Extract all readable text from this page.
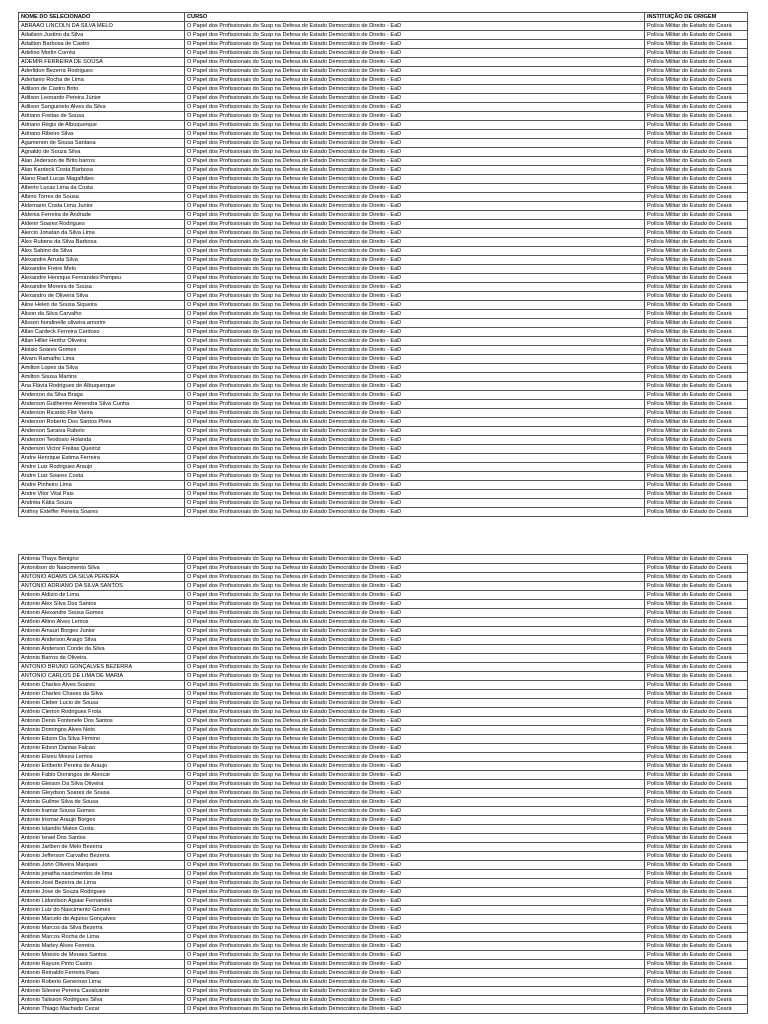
NOME DO SELECIONADO	CURSO	INSTITUIÇÃO DE ORIGEM
ABRAAO LINCOLN DA SILVA MELO	O Papel dos Profissionais do Susp na Defesa do Estado Democrático de Direito - EaD	Polícia Militar do Estado do Ceará
Adailson Justino da Silva	O Papel dos Profissionais do Susp na Defesa do Estado Democrático de Direito - EaD	Polícia Militar do Estado do Ceará
Adailton Barbosa de Castro	O Papel dos Profissionais do Susp na Defesa do Estado Democrático de Direito - EaD	Polícia Militar do Estado do Ceará
Adelino Morlin Corrêa	O Papel dos Profissionais do Susp na Defesa do Estado Democrático de Direito - EaD	Polícia Militar do Estado do Ceará
ADEMIR FERREIRA DE SOUSA	O Papel dos Profissionais do Susp na Defesa do Estado Democrático de Direito - EaD	Polícia Militar do Estado do Ceará
Aderildon Bezerra Rodrigues	O Papel dos Profissionais do Susp na Defesa do Estado Democrático de Direito - EaD	Polícia Militar do Estado do Ceará
Aderlanio Rocha de Lima	O Papel dos Profissionais do Susp na Defesa do Estado Democrático de Direito - EaD	Polícia Militar do Estado do Ceará
Adilson de Castro Brito	O Papel dos Profissionais do Susp na Defesa do Estado Democrático de Direito - EaD	Polícia Militar do Estado do Ceará
Adilson Leonardo Pereira Júnior	O Papel dos Profissionais do Susp na Defesa do Estado Democrático de Direito - EaD	Polícia Militar do Estado do Ceará
Adilson Sanguineto Alves da Silva	O Papel dos Profissionais do Susp na Defesa do Estado Democrático de Direito - EaD	Polícia Militar do Estado do Ceará
Adriano Freitas de Sousa	O Papel dos Profissionais do Susp na Defesa do Estado Democrático de Direito - EaD	Polícia Militar do Estado do Ceará
Adriano Régis de Albuquerque	O Papel dos Profissionais do Susp na Defesa do Estado Democrático de Direito - EaD	Polícia Militar do Estado do Ceará
Adriano Ribeiro Silva	O Papel dos Profissionais do Susp na Defesa do Estado Democrático de Direito - EaD	Polícia Militar do Estado do Ceará
Agamenon de Sousa Santana	O Papel dos Profissionais do Susp na Defesa do Estado Democrático de Direito - EaD	Polícia Militar do Estado do Ceará
Agnaldo de Souza Silva	O Papel dos Profissionais do Susp na Defesa do Estado Democrático de Direito - EaD	Polícia Militar do Estado do Ceará
Alan Jederson de Brito barros	O Papel dos Profissionais do Susp na Defesa do Estado Democrático de Direito - EaD	Polícia Militar do Estado do Ceará
Alan Kardeck Costa Barbosa	O Papel dos Profissionais do Susp na Defesa do Estado Democrático de Direito - EaD	Polícia Militar do Estado do Ceará
Alano Rael Lucas Magalhães	O Papel dos Profissionais do Susp na Defesa do Estado Democrático de Direito - EaD	Polícia Militar do Estado do Ceará
Alberto Lucas Lima da Costa	O Papel dos Profissionais do Susp na Defesa do Estado Democrático de Direito - EaD	Polícia Militar do Estado do Ceará
Albino Torres de Sousa	O Papel dos Profissionais do Susp na Defesa do Estado Democrático de Direito - EaD	Polícia Militar do Estado do Ceará
Aldemario Costa Lima Junior	O Papel dos Profissionais do Susp na Defesa do Estado Democrático de Direito - EaD	Polícia Militar do Estado do Ceará
Aldenia Ferreira de Andrade	O Papel dos Profissionais do Susp na Defesa do Estado Democrático de Direito - EaD	Polícia Militar do Estado do Ceará
Aldenir Soares Rodrigues	O Papel dos Profissionais do Susp na Defesa do Estado Democrático de Direito - EaD	Polícia Militar do Estado do Ceará
Alercio Jonatan da Silva Lima	O Papel dos Profissionais do Susp na Defesa do Estado Democrático de Direito - EaD	Polícia Militar do Estado do Ceará
Alex Rubens da Silva Barbosa	O Papel dos Profissionais do Susp na Defesa do Estado Democrático de Direito - EaD	Polícia Militar do Estado do Ceará
Alex Sabino da Silva	O Papel dos Profissionais do Susp na Defesa do Estado Democrático de Direito - EaD	Polícia Militar do Estado do Ceará
Alexandre Arruda Silva	O Papel dos Profissionais do Susp na Defesa do Estado Democrático de Direito - EaD	Polícia Militar do Estado do Ceará
Alexandre Freire Melo	O Papel dos Profissionais do Susp na Defesa do Estado Democrático de Direito - EaD	Polícia Militar do Estado do Ceará
Alexandre Henrique Fernandes Pompeu	O Papel dos Profissionais do Susp na Defesa do Estado Democrático de Direito - EaD	Polícia Militar do Estado do Ceará
Alexandre Moreira de Sousa	O Papel dos Profissionais do Susp na Defesa do Estado Democrático de Direito - EaD	Polícia Militar do Estado do Ceará
Alexandro de Oliveira Silva	O Papel dos Profissionais do Susp na Defesa do Estado Democrático de Direito - EaD	Polícia Militar do Estado do Ceará
Aline Helen de Sousa Siqueira	O Papel dos Profissionais do Susp na Defesa do Estado Democrático de Direito - EaD	Polícia Militar do Estado do Ceará
Alison da Silva Carvalho	O Papel dos Profissionais do Susp na Defesa do Estado Democrático de Direito - EaD	Polícia Militar do Estado do Ceará
Alisson hondinelle oliveira amorim	O Papel dos Profissionais do Susp na Defesa do Estado Democrático de Direito - EaD	Polícia Militar do Estado do Ceará
Allan Cardeck Ferreira Cardoso	O Papel dos Profissionais do Susp na Defesa do Estado Democrático de Direito - EaD	Polícia Militar do Estado do Ceará
Allan Hiller Herthz Oliveira	O Papel dos Profissionais do Susp na Defesa do Estado Democrático de Direito - EaD	Polícia Militar do Estado do Ceará
Aloisio Soares Gomes	O Papel dos Profissionais do Susp na Defesa do Estado Democrático de Direito - EaD	Polícia Militar do Estado do Ceará
Alvaro Ramalho Lima	O Papel dos Profissionais do Susp na Defesa do Estado Democrático de Direito - EaD	Polícia Militar do Estado do Ceará
Amilton Lopes da Silva	O Papel dos Profissionais do Susp na Defesa do Estado Democrático de Direito - EaD	Polícia Militar do Estado do Ceará
Amilton Sousa Martins	O Papel dos Profissionais do Susp na Defesa do Estado Democrático de Direito - EaD	Polícia Militar do Estado do Ceará
Ana Flávia Rodrigues de Albuquerque	O Papel dos Profissionais do Susp na Defesa do Estado Democrático de Direito - EaD	Polícia Militar do Estado do Ceará
Anderson da Silva Braga	O Papel dos Profissionais do Susp na Defesa do Estado Democrático de Direito - EaD	Polícia Militar do Estado do Ceará
Anderson Guilherme Almendra Silva Cunha	O Papel dos Profissionais do Susp na Defesa do Estado Democrático de Direito - EaD	Polícia Militar do Estado do Ceará
Anderson Ricardo Flor Vieira	O Papel dos Profissionais do Susp na Defesa do Estado Democrático de Direito - EaD	Polícia Militar do Estado do Ceará
Anderson Roberto Dos Santos Pires	O Papel dos Profissionais do Susp na Defesa do Estado Democrático de Direito - EaD	Polícia Militar do Estado do Ceará
Anderson Saraiva Rabelo	O Papel dos Profissionais do Susp na Defesa do Estado Democrático de Direito - EaD	Polícia Militar do Estado do Ceará
Anderson Teodosio Holanda	O Papel dos Profissionais do Susp na Defesa do Estado Democrático de Direito - EaD	Polícia Militar do Estado do Ceará
Anderson Victor Freitas Queiroz	O Papel dos Profissionais do Susp na Defesa do Estado Democrático de Direito - EaD	Polícia Militar do Estado do Ceará
Andre Henrique Estima Ferreira	O Papel dos Profissionais do Susp na Defesa do Estado Democrático de Direito - EaD	Polícia Militar do Estado do Ceará
Andre Luiz Rodrigues Araujo	O Papel dos Profissionais do Susp na Defesa do Estado Democrático de Direito - EaD	Polícia Militar do Estado do Ceará
Andre Luiz Soares Costa	O Papel dos Profissionais do Susp na Defesa do Estado Democrático de Direito - EaD	Polícia Militar do Estado do Ceará
Andre Pinheiro Lima	O Papel dos Profissionais do Susp na Defesa do Estado Democrático de Direito - EaD	Polícia Militar do Estado do Ceará
Andre Vitor Vital Pais	O Papel dos Profissionais do Susp na Defesa do Estado Democrático de Direito - EaD	Polícia Militar do Estado do Ceará
Andréia Kátia Souza	O Papel dos Profissionais do Susp na Defesa do Estado Democrático de Direito - EaD	Polícia Militar do Estado do Ceará
Anthny Esteffer Pereira Soares	O Papel dos Profissionais do Susp na Defesa do Estado Democrático de Direito - EaD	Polícia Militar do Estado do Ceará
Antonia Thays Benigno	O Papel dos Profissionais do Susp na Defesa do Estado Democrático de Direito - EaD	Polícia Militar do Estado do Ceará
Antonilson do Nascimento Silva	O Papel dos Profissionais do Susp na Defesa do Estado Democrático de Direito - EaD	Polícia Militar do Estado do Ceará
ANTONIO ADAMS DA SILVA PEREIRA	O Papel dos Profissionais do Susp na Defesa do Estado Democrático de Direito - EaD	Polícia Militar do Estado do Ceará
ANTONIO ADRIANO DA SILVA SANTOS	O Papel dos Profissionais do Susp na Defesa do Estado Democrático de Direito - EaD	Polícia Militar do Estado do Ceará
Antonio Aldizio de Lima	O Papel dos Profissionais do Susp na Defesa do Estado Democrático de Direito - EaD	Polícia Militar do Estado do Ceará
Antonio Alex Silva Dos Santos	O Papel dos Profissionais do Susp na Defesa do Estado Democrático de Direito - EaD	Polícia Militar do Estado do Ceará
Antonio Alexandre Sousa Gomes	O Papel dos Profissionais do Susp na Defesa do Estado Democrático de Direito - EaD	Polícia Militar do Estado do Ceará
Antônio Altino Alves Lemos	O Papel dos Profissionais do Susp na Defesa do Estado Democrático de Direito - EaD	Polícia Militar do Estado do Ceará
Antonio Amauri Borges Junior	O Papel dos Profissionais do Susp na Defesa do Estado Democrático de Direito - EaD	Polícia Militar do Estado do Ceará
Antonio Anderson Araujo Silva	O Papel dos Profissionais do Susp na Defesa do Estado Democrático de Direito - EaD	Polícia Militar do Estado do Ceará
Antonio Anderson Conde da Silva	O Papel dos Profissionais do Susp na Defesa do Estado Democrático de Direito - EaD	Polícia Militar do Estado do Ceará
Antonio Barros de Oliveira	O Papel dos Profissionais do Susp na Defesa do Estado Democrático de Direito - EaD	Polícia Militar do Estado do Ceará
ANTONIO BRUNO GONÇALVES BEZERRA	O Papel dos Profissionais do Susp na Defesa do Estado Democrático de Direito - EaD	Polícia Militar do Estado do Ceará
ANTONIO CARLOS DE LIMA DE MARIA	O Papel dos Profissionais do Susp na Defesa do Estado Democrático de Direito - EaD	Polícia Militar do Estado do Ceará
Antonio Charles Alves Soares	O Papel dos Profissionais do Susp na Defesa do Estado Democrático de Direito - EaD	Polícia Militar do Estado do Ceará
Antonio Charles Chaves da Silva	O Papel dos Profissionais do Susp na Defesa do Estado Democrático de Direito - EaD	Polícia Militar do Estado do Ceará
Antonio Cleber Lucio de Sousa	O Papel dos Profissionais do Susp na Defesa do Estado Democrático de Direito - EaD	Polícia Militar do Estado do Ceará
Antônio Clerton Rodrigues Frota	O Papel dos Profissionais do Susp na Defesa do Estado Democrático de Direito - EaD	Polícia Militar do Estado do Ceará
Antonio Denis Fontenele Dos Santos	O Papel dos Profissionais do Susp na Defesa do Estado Democrático de Direito - EaD	Polícia Militar do Estado do Ceará
Antonio Domingos Alves Neto	O Papel dos Profissionais do Susp na Defesa do Estado Democrático de Direito - EaD	Polícia Militar do Estado do Ceará
Antonio Edson Da Silva Firmino	O Papel dos Profissionais do Susp na Defesa do Estado Democrático de Direito - EaD	Polícia Militar do Estado do Ceará
Antonio Edson Dantas Falcao	O Papel dos Profissionais do Susp na Defesa do Estado Democrático de Direito - EaD	Polícia Militar do Estado do Ceará
Antonio Elizeu Moura Lemos	O Papel dos Profissionais do Susp na Defesa do Estado Democrático de Direito - EaD	Polícia Militar do Estado do Ceará
Antonio Erilberto Pereira de Araujo	O Papel dos Profissionais do Susp na Defesa do Estado Democrático de Direito - EaD	Polícia Militar do Estado do Ceará
Antonio Fabio Domingos de Alencar	O Papel dos Profissionais do Susp na Defesa do Estado Democrático de Direito - EaD	Polícia Militar do Estado do Ceará
Antonio Gleison Da Silva Oliveira	O Papel dos Profissionais do Susp na Defesa do Estado Democrático de Direito - EaD	Polícia Militar do Estado do Ceará
Antonio Gleydson Soares de Sousa	O Papel dos Profissionais do Susp na Defesa do Estado Democrático de Direito - EaD	Polícia Militar do Estado do Ceará
Antonio Guilme Silva de Sousa	O Papel dos Profissionais do Susp na Defesa do Estado Democrático de Direito - EaD	Polícia Militar do Estado do Ceará
Antonio Iramar Sousa Gomes	O Papel dos Profissionais do Susp na Defesa do Estado Democrático de Direito - EaD	Polícia Militar do Estado do Ceará
Antonio Irismar Araujo Borges	O Papel dos Profissionais do Susp na Defesa do Estado Democrático de Direito - EaD	Polícia Militar do Estado do Ceará
Antonio Islandio Matos Costa	O Papel dos Profissionais do Susp na Defesa do Estado Democrático de Direito - EaD	Polícia Militar do Estado do Ceará
Antonio Israel Dos Santos	O Papel dos Profissionais do Susp na Defesa do Estado Democrático de Direito - EaD	Polícia Militar do Estado do Ceará
Antonio Jarlben de Melo Bezerra	O Papel dos Profissionais do Susp na Defesa do Estado Democrático de Direito - EaD	Polícia Militar do Estado do Ceará
Antonio Jefferson Carvalho Bezerra	O Papel dos Profissionais do Susp na Defesa do Estado Democrático de Direito - EaD	Polícia Militar do Estado do Ceará
Antônio John Oliveira Marques	O Papel dos Profissionais do Susp na Defesa do Estado Democrático de Direito - EaD	Polícia Militar do Estado do Ceará
Antonio jonatha nascimentos de lima	O Papel dos Profissionais do Susp na Defesa do Estado Democrático de Direito - EaD	Polícia Militar do Estado do Ceará
Antonio José Bezerra de Lima	O Papel dos Profissionais do Susp na Defesa do Estado Democrático de Direito - EaD	Polícia Militar do Estado do Ceará
Antonio Jose de Souza Rodrigues	O Papel dos Profissionais do Susp na Defesa do Estado Democrático de Direito - EaD	Polícia Militar do Estado do Ceará
Antonio Lidonilson Aguiar Fernandes	O Papel dos Profissionais do Susp na Defesa do Estado Democrático de Direito - EaD	Polícia Militar do Estado do Ceará
Antonio Luiz do Nascimento Gomes	O Papel dos Profissionais do Susp na Defesa do Estado Democrático de Direito - EaD	Polícia Militar do Estado do Ceará
Antonio Marcelo de Aquino Gonçalves	O Papel dos Profissionais do Susp na Defesa do Estado Democrático de Direito - EaD	Polícia Militar do Estado do Ceará
Antonio Marcos da Silva Bezerra	O Papel dos Profissionais do Susp na Defesa do Estado Democrático de Direito - EaD	Polícia Militar do Estado do Ceará
Antônio Marcos Rocha de Lima	O Papel dos Profissionais do Susp na Defesa do Estado Democrático de Direito - EaD	Polícia Militar do Estado do Ceará
Antonio Marley Alves Ferreira	O Papel dos Profissionais do Susp na Defesa do Estado Democrático de Direito - EaD	Polícia Militar do Estado do Ceará
Antonio Moesio de Moraes Santos	O Papel dos Profissionais do Susp na Defesa do Estado Democrático de Direito - EaD	Polícia Militar do Estado do Ceará
Antonio Rayure Pinto Castro	O Papel dos Profissionais do Susp na Defesa do Estado Democrático de Direito - EaD	Polícia Militar do Estado do Ceará
Antonio Reinaldo Ferreira Paes	O Papel dos Profissionais do Susp na Defesa do Estado Democrático de Direito - EaD	Polícia Militar do Estado do Ceará
Antonio Roberio Generoso Lima	O Papel dos Profissionais do Susp na Defesa do Estado Democrático de Direito - EaD	Polícia Militar do Estado do Ceará
Antonio Sileone Pereira Cavalcante	O Papel dos Profissionais do Susp na Defesa do Estado Democrático de Direito - EaD	Polícia Militar do Estado do Ceará
Antonio Talisson Rodrigues Silva	O Papel dos Profissionais do Susp na Defesa do Estado Democrático de Direito - EaD	Polícia Militar do Estado do Ceará
Antonio Thiago Machado Cezar	O Papel dos Profissionais do Susp na Defesa do Estado Democrático de Direito - EaD	Polícia Militar do Estado do Ceará
